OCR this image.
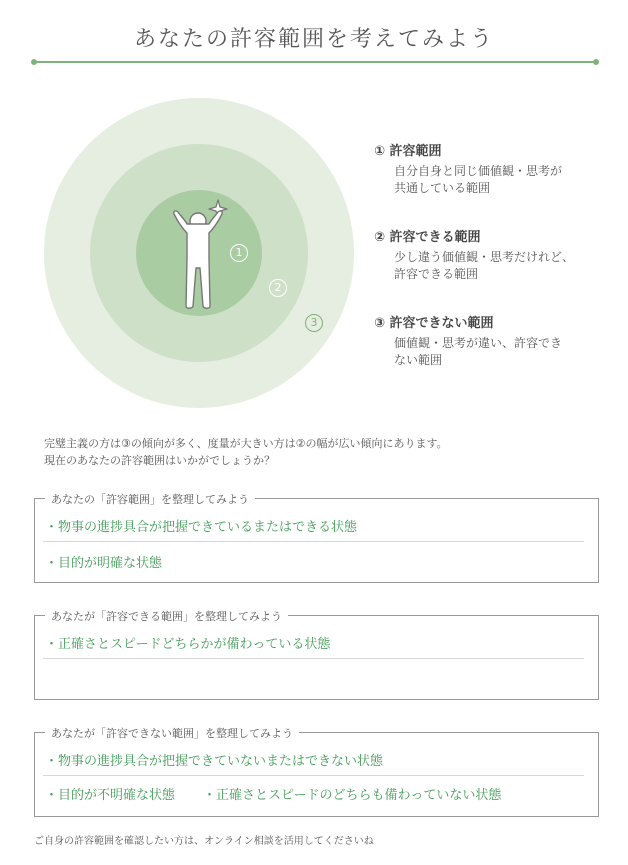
あなたの許容範囲を考えてみよう
1
2
3
① 許容範囲
自分自身と同じ価値観・思考が
共通している範囲
② 許容できる範囲
少し違う価値観・思考だけれど、
許容できる範囲
③ 許容できない範囲
価値観・思考が違い、許容でき
ない範囲
完璧主義の方は③の傾向が多く、度量が大きい方は②の幅が広い傾向にあります。
現在のあなたの許容範囲はいかがでしょうか？
あなたの「許容範囲」を整理してみよう
・物事の進捗具合が把握できているまたはできる状態
・目的が明確な状態
あなたが「許容できる範囲」を整理してみよう
・正確さとスピードどちらかが備わっている状態
あなたが「許容できない範囲」を整理してみよう
・物事の進捗具合が把握できていないまたはできない状態
・目的が不明確な状態 ・正確さとスピードのどちらも備わっていない状態
ご自身の許容範囲を確認したい方は、オンライン相談を活用してくださいね
